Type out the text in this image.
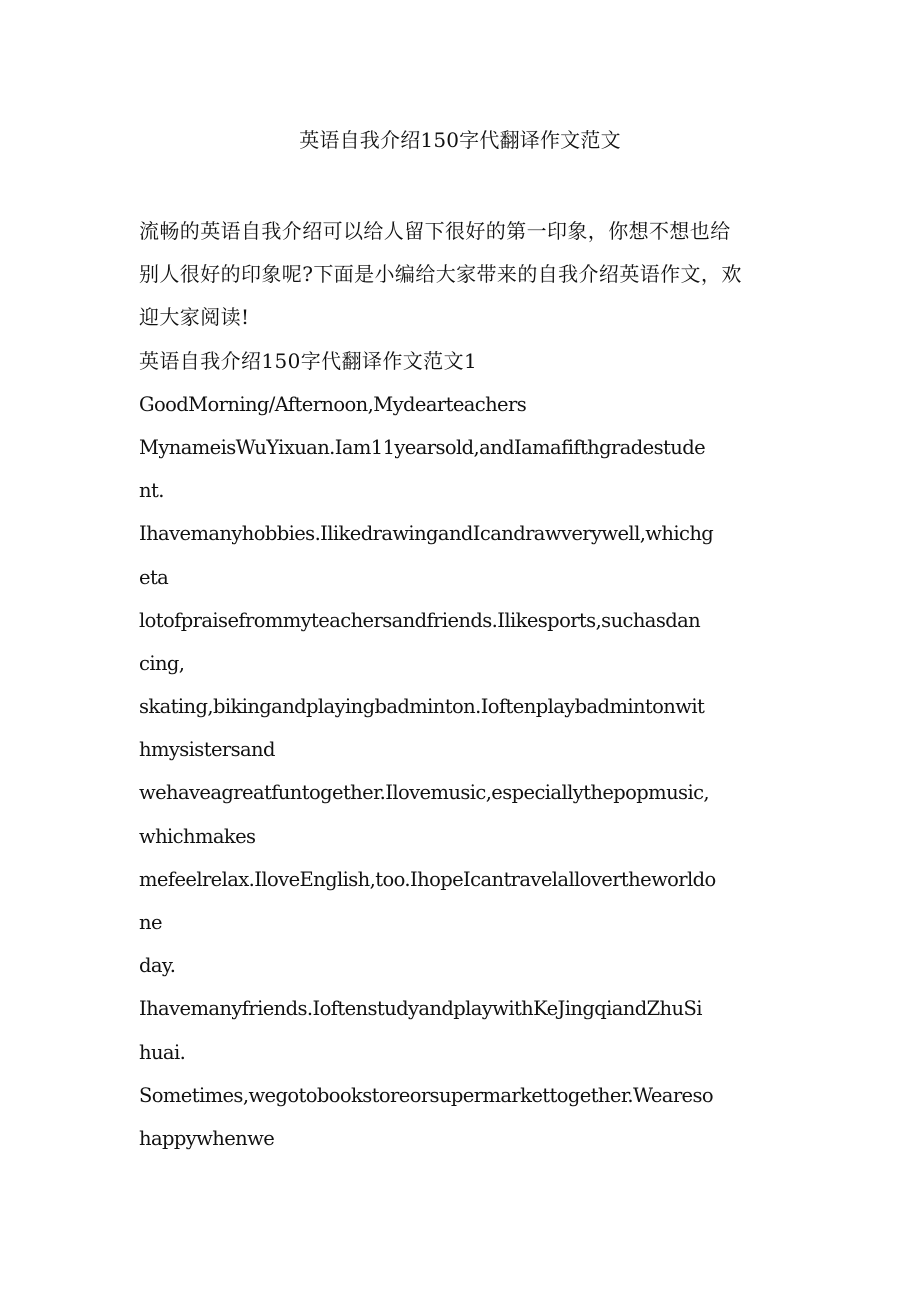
英语自我介绍150字代翻译作文范文
流畅的英语自我介绍可以给人留下很好的第一印象，你想不想也给
别人很好的印象呢?下面是小编给大家带来的自我介绍英语作文，欢
迎大家阅读!
英语自我介绍150字代翻译作文范文1
GoodMorning/Afternoon,Mydearteachers
MynameisWuYixuan.Iam11yearsold,andIamafifthgradestude
nt.
Ihavemanyhobbies.IlikedrawingandIcandrawverywell,whichg
eta
lotofpraisefrommyteachersandfriends.Ilikesports,suchasdan
cing,
skating,bikingandplayingbadminton.Ioftenplaybadmintonwit
hmysistersand
wehaveagreatfuntogether.Ilovemusic,especiallythepopmusic,
whichmakes
mefeelrelax.IloveEnglish,too.IhopeIcantravelallovertheworldo
ne
day.
Ihavemanyfriends.IoftenstudyandplaywithKeJingqiandZhuSi
huai.
Sometimes,wegotobookstoreorsupermarkettogether.Weareso
happywhenwe
